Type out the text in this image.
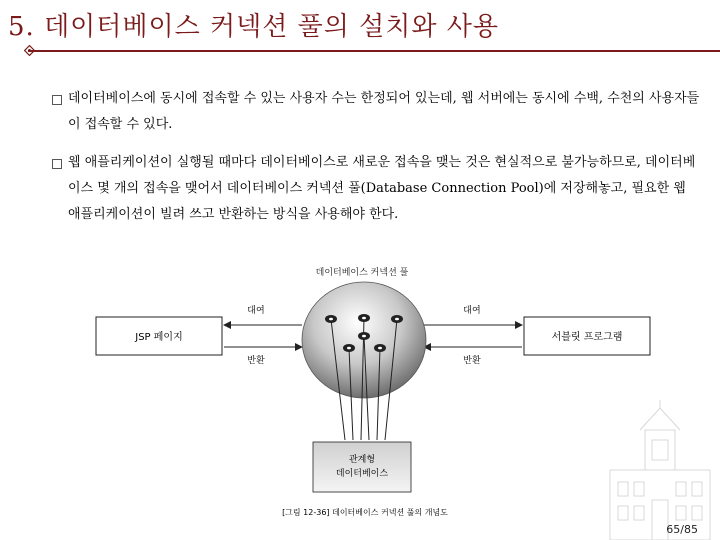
5. 데이터베이스 커넥션 풀의 설치와 사용
데이터베이스에 동시에 접속할 수 있는 사용자 수는 한정되어 있는데, 웹 서버에는 동시에 수백, 수천의 사용자들이 접속할 수 있다.
웹 애플리케이션이 실행될 때마다 데이터베이스로 새로운 접속을 맺는 것은 현실적으로 불가능하므로, 데이터베이스 몇 개의 접속을 맺어서 데이터베이스 커넥션 풀(Database Connection Pool)에 저장해놓고, 필요한 웹 애플리케이션이 빌려 쓰고 반환하는 방식을 사용해야 한다.
데이터베이스 커넥션 풀
JSP 페이지	서블릿 프로그램
대여
반환
대여
반환
관계형
데이터베이스
[그림 12-36] 데이터베이스 커넥션 풀의 개념도
65/85
